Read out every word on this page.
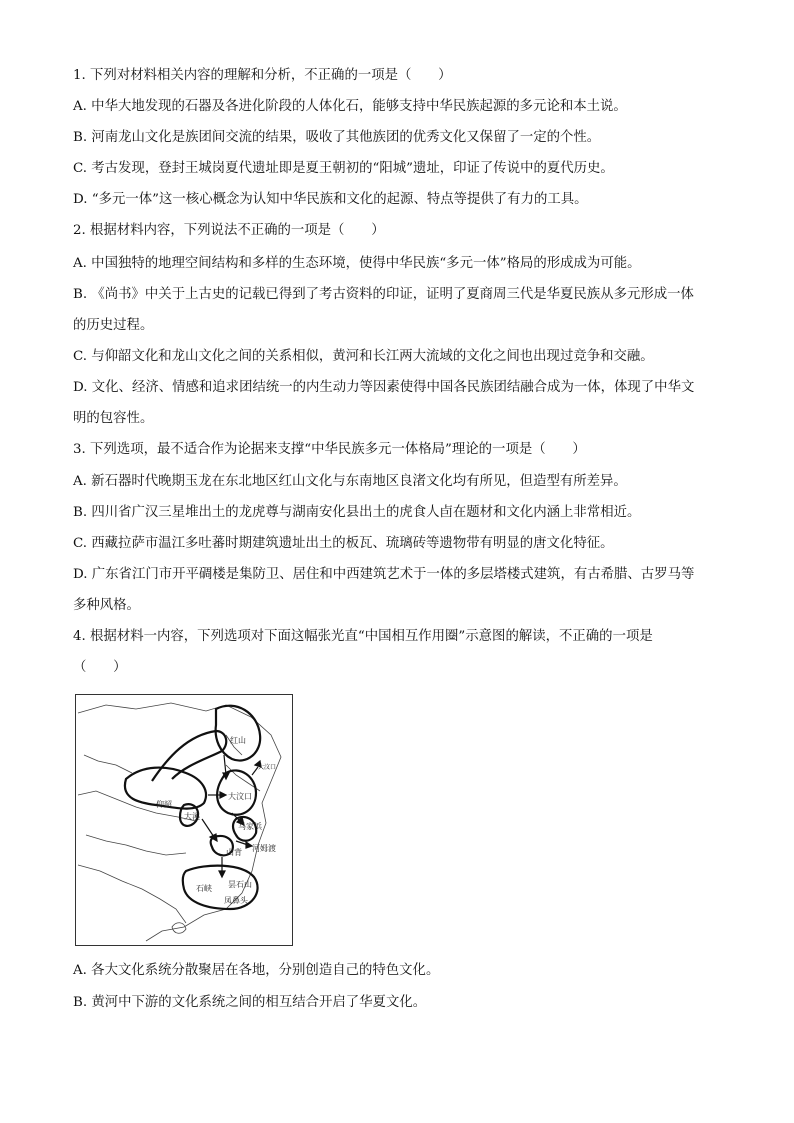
1. 下列对材料相关内容的理解和分析，不正确的一项是（　　）
A. 中华大地发现的石器及各进化阶段的人体化石，能够支持中华民族起源的多元论和本土说。
B. 河南龙山文化是族团间交流的结果，吸收了其他族团的优秀文化又保留了一定的个性。
C. 考古发现，登封王城岗夏代遗址即是夏王朝初的“阳城”遗址，印证了传说中的夏代历史。
D. “多元一体”这一核心概念为认知中华民族和文化的起源、特点等提供了有力的工具。
2. 根据材料内容，下列说法不正确的一项是（　　）
A. 中国独特的地理空间结构和多样的生态环境，使得中华民族“多元一体”格局的形成成为可能。
B. 《尚书》中关于上古史的记载已得到了考古资料的印证，证明了夏商周三代是华夏民族从多元形成一体
的历史过程。
C. 与仰韶文化和龙山文化之间的关系相似，黄河和长江两大流域的文化之间也出现过竞争和交融。
D. 文化、经济、情感和追求团结统一的内生动力等因素使得中国各民族团结融合成为一体，体现了中华文
明的包容性。
3. 下列选项，最不适合作为论据来支撑“中华民族多元一体格局”理论的一项是（　　）
A. 新石器时代晚期玉龙在东北地区红山文化与东南地区良渚文化均有所见，但造型有所差异。
B. 四川省广汉三星堆出土的龙虎尊与湖南安化县出土的虎食人卣在题材和文化内涵上非常相近。
C. 西藏拉萨市温江多吐蕃时期建筑遗址出土的板瓦、琉璃砖等遗物带有明显的唐文化特征。
D. 广东省江门市开平碉楼是集防卫、居住和中西建筑艺术于一体的多层塔楼式建筑，有古希腊、古罗马等
多种风格。
4. 根据材料一内容，下列选项对下面这幅张光直“中国相互作用圈”示意图的解读，不正确的一项是
（　　）
红山
大汶口
仰韶
大汶口
马家浜
大溪
山背 河姆渡
石峡 昙石山
凤鼻头
A. 各大文化系统分散聚居在各地，分别创造自己的特色文化。
B. 黄河中下游的文化系统之间的相互结合开启了华夏文化。
